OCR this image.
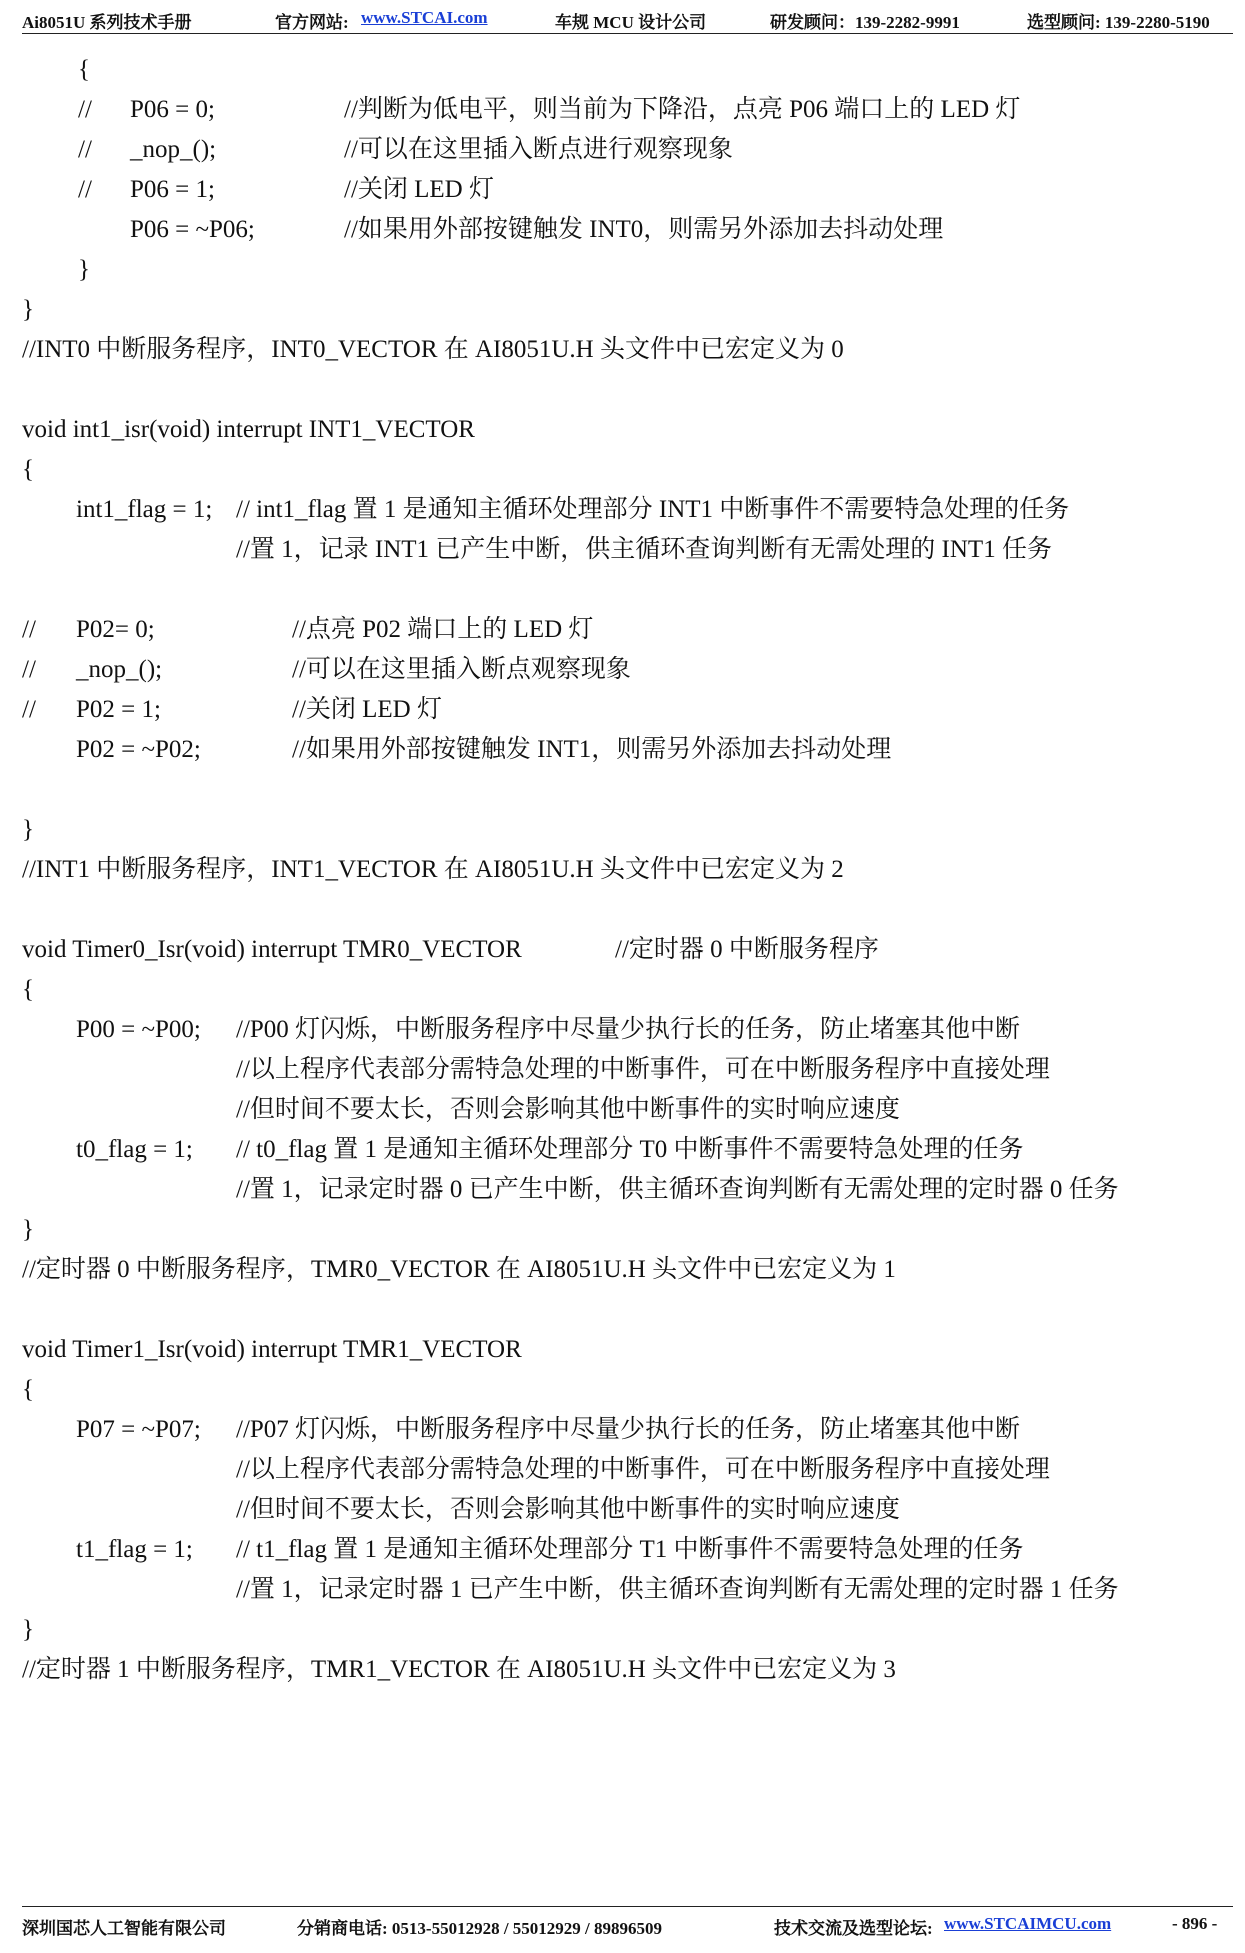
Ai8051U 系列技术手册	官方网站: www.STCAI.com	车规 MCU 设计公司	研发顾问：139-2282-9991	选型顾问: 139-2280-5190

{

//

P06 = 0;

	//判断为低电平，则当前为下降沿，点亮 P06 端口上的 LED 灯

//

_nop_();

	//可以在这里插入断点进行观察现象

//

P06 = 1;

	//关闭 LED 灯

P06 = ~P06;

	//如果用外部按键触发 INT0，则需另外添加去抖动处理

}

}

//INT0 中断服务程序，INT0_VECTOR 在 AI8051U.H 头文件中已宏定义为 0

void int1_isr(void) interrupt INT1_VECTOR

{

int1_flag = 1;

// int1_flag 置 1 是通知主循环处理部分 INT1 中断事件不需要特急处理的任务

//置 1，记录 INT1 已产生中断，供主循环查询判断有无需处理的 INT1 任务

//

P02= 0;

	//点亮 P02 端口上的 LED 灯

//

_nop_();

	//可以在这里插入断点观察现象

//

P02 = 1;

	//关闭 LED 灯

P02 = ~P02;

	//如果用外部按键触发 INT1，则需另外添加去抖动处理

}

//INT1 中断服务程序，INT1_VECTOR 在 AI8051U.H 头文件中已宏定义为 2

void Timer0_Isr(void) interrupt TMR0_VECTOR

	//定时器 0 中断服务程序

{

P00 = ~P00;

//P00 灯闪烁，中断服务程序中尽量少执行长的任务，防止堵塞其他中断

//以上程序代表部分需特急处理的中断事件，可在中断服务程序中直接处理

//但时间不要太长，否则会影响其他中断事件的实时响应速度

t0_flag = 1;

// t0_flag 置 1 是通知主循环处理部分 T0 中断事件不需要特急处理的任务

//置 1，记录定时器 0 已产生中断，供主循环查询判断有无需处理的定时器 0 任务

}

//定时器 0 中断服务程序，TMR0_VECTOR 在 AI8051U.H 头文件中已宏定义为 1

void Timer1_Isr(void) interrupt TMR1_VECTOR

{

P07 = ~P07;

//P07 灯闪烁，中断服务程序中尽量少执行长的任务，防止堵塞其他中断

//以上程序代表部分需特急处理的中断事件，可在中断服务程序中直接处理

//但时间不要太长，否则会影响其他中断事件的实时响应速度

t1_flag = 1;

// t1_flag 置 1 是通知主循环处理部分 T1 中断事件不需要特急处理的任务

//置 1，记录定时器 1 已产生中断，供主循环查询判断有无需处理的定时器 1 任务

}

//定时器 1 中断服务程序，TMR1_VECTOR 在 AI8051U.H 头文件中已宏定义为 3

深圳国芯人工智能有限公司	分销商电话: 0513-55012928 / 55012929 / 89896509	技术交流及选型论坛: www.STCAIMCU.com	- 896 -
